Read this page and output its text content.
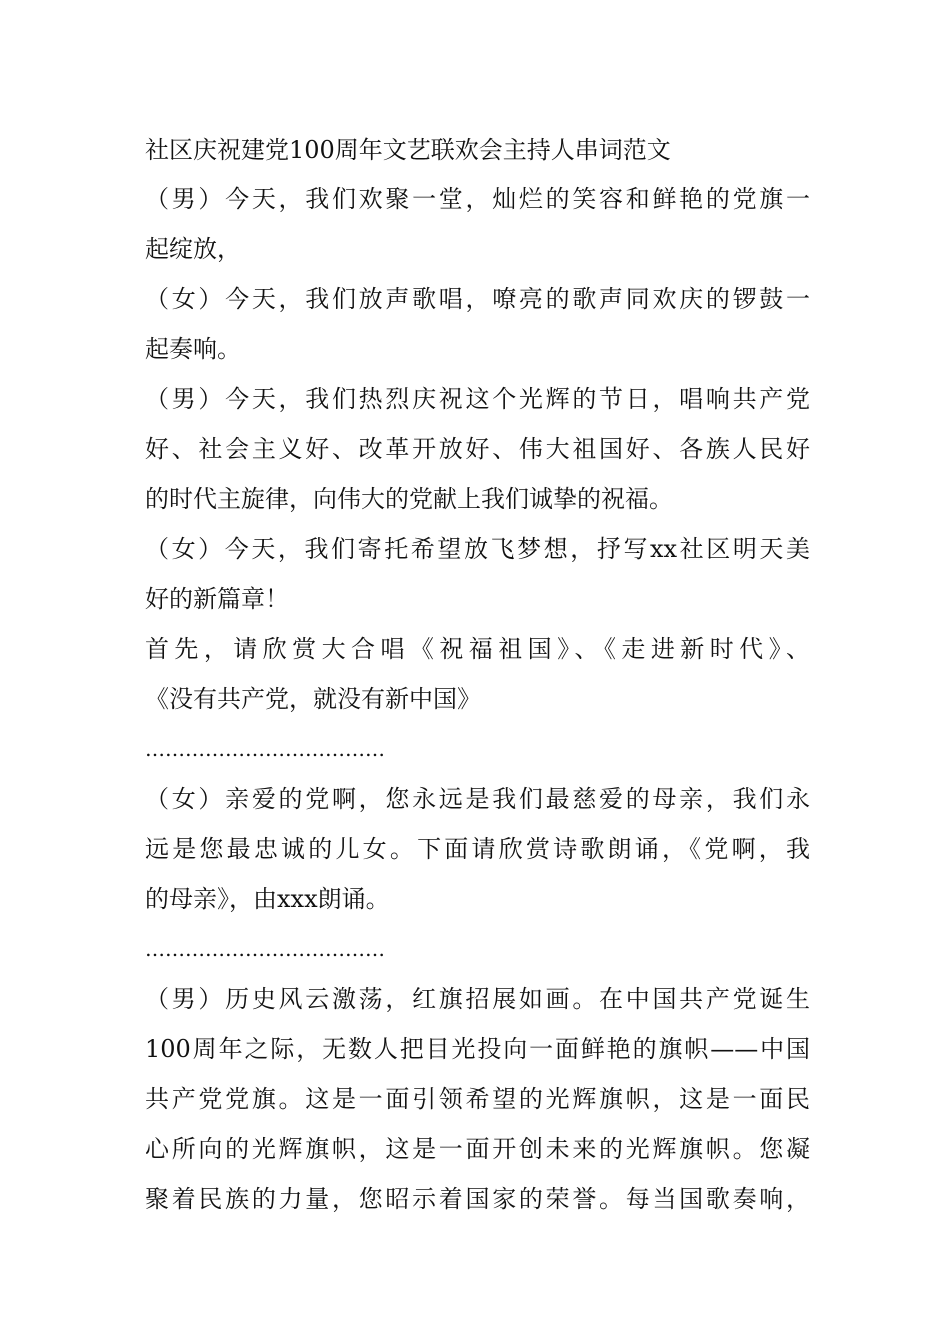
社区庆祝建党100周年文艺联欢会主持人串词范文
（男）今天，我们欢聚一堂，灿烂的笑容和鲜艳的党旗一
起绽放，
（女）今天，我们放声歌唱，嘹亮的歌声同欢庆的锣鼓一
起奏响。
（男）今天，我们热烈庆祝这个光辉的节日，唱响共产党
好、社会主义好、改革开放好、伟大祖国好、各族人民好
的时代主旋律，向伟大的党献上我们诚挚的祝福。
（女）今天，我们寄托希望放飞梦想，抒写xx社区明天美
好的新篇章！
首先，请欣赏大合唱《祝福祖国》、《走进新时代》、
《没有共产党，就没有新中国》
………………………………
（女）亲爱的党啊，您永远是我们最慈爱的母亲，我们永
远是您最忠诚的儿女。下面请欣赏诗歌朗诵，《党啊，我
的母亲》，由xxx朗诵。
………………………………
（男）历史风云激荡，红旗招展如画。在中国共产党诞生
100周年之际，无数人把目光投向一面鲜艳的旗帜——中国
共产党党旗。这是一面引领希望的光辉旗帜，这是一面民
心所向的光辉旗帜，这是一面开创未来的光辉旗帜。您凝
聚着民族的力量，您昭示着国家的荣誉。每当国歌奏响，
